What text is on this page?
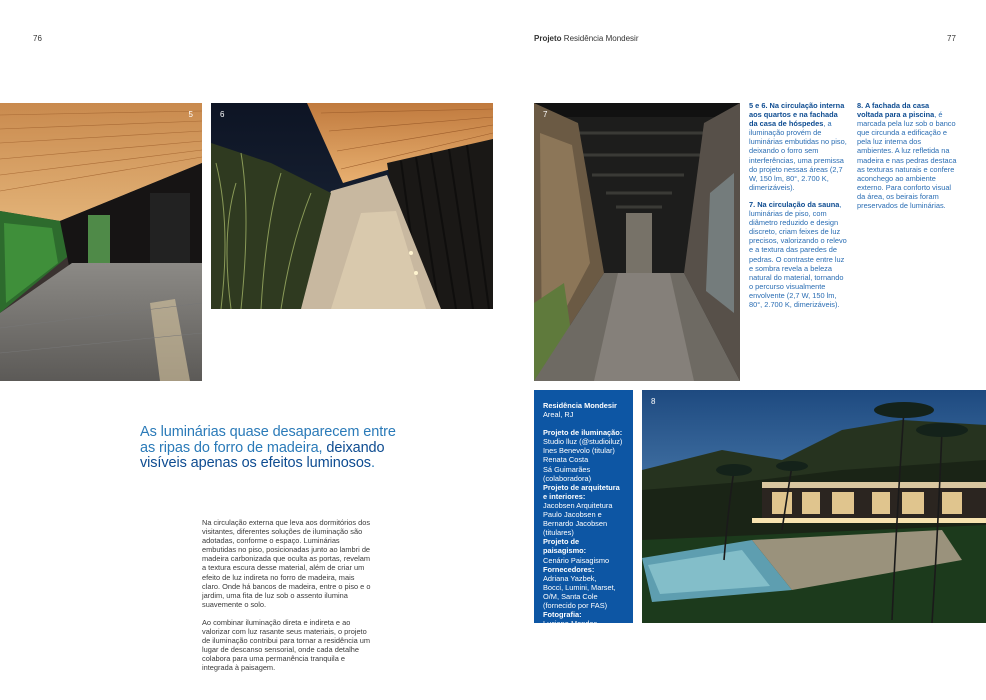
76	Projeto Residência Mondesir	77
5	6	7
8
As luminárias quase desaparecem entre as ripas do forro de madeira, deixando visíveis apenas os efeitos luminosos.

Na circulação externa que leva aos dormitórios dos visitantes, diferentes soluções de iluminação são adotadas, conforme o espaço. Luminárias embutidas no piso, posicionadas junto ao lambri de madeira carbonizada que oculta as portas, revelam a textura escura desse material, além de criar um efeito de luz indireta no forro de madeira, mais claro. Onde há bancos de madeira, entre o piso e o jardim, uma fita de luz sob o assento ilumina suavemente o solo.

Ao combinar iluminação direta e indireta e ao valorizar com luz rasante seus materiais, o projeto de iluminação contribui para tornar a residência um lugar de descanso sensorial, onde cada detalhe colabora para uma permanência tranquila e integrada à paisagem.

5 e 6. Na circulação interna aos quartos e na fachada da casa de hóspedes, a iluminação provém de luminárias embutidas no piso, deixando o forro sem interferências, uma premissa do projeto nessas áreas (2,7 W, 150 lm, 80°, 2.700 K, dimerizáveis).

7. Na circulação da sauna, luminárias de piso, com diâmetro reduzido e design discreto, criam feixes de luz precisos, valorizando o relevo e a textura das paredes de pedras. O contraste entre luz e sombra revela a beleza natural do material, tornando o percurso visualmente envolvente (2,7 W, 150 lm, 80°, 2.700 K, dimerizáveis).

8. A fachada da casa voltada para a piscina, é marcada pela luz sob o banco que circunda a edificação e pela luz interna dos ambientes. A luz refletida na madeira e nas pedras destaca as texturas naturais e confere aconchego ao ambiente externo. Para conforto visual da área, os beirais foram preservados de luminárias.

Residência Mondesir
Areal, RJ
Projeto de iluminação:
Studio lluz (@studioiluz)
Ines Benevolo (titular)
Renata Costa
Sá Guimarães
(colaboradora)
Projeto de arquitetura
e interiores:
Jacobsen Arquitetura
Paulo Jacobsen e
Bernardo Jacobsen
(titulares)
Projeto de paisagismo:
Cenário Paisagismo
Fornecedores:
Adriana Yazbek,
Bocci, Lumini, Marset,
O/M, Santa Cole
(fornecido por FAS)
Fotografia:
Luciano Mendes
